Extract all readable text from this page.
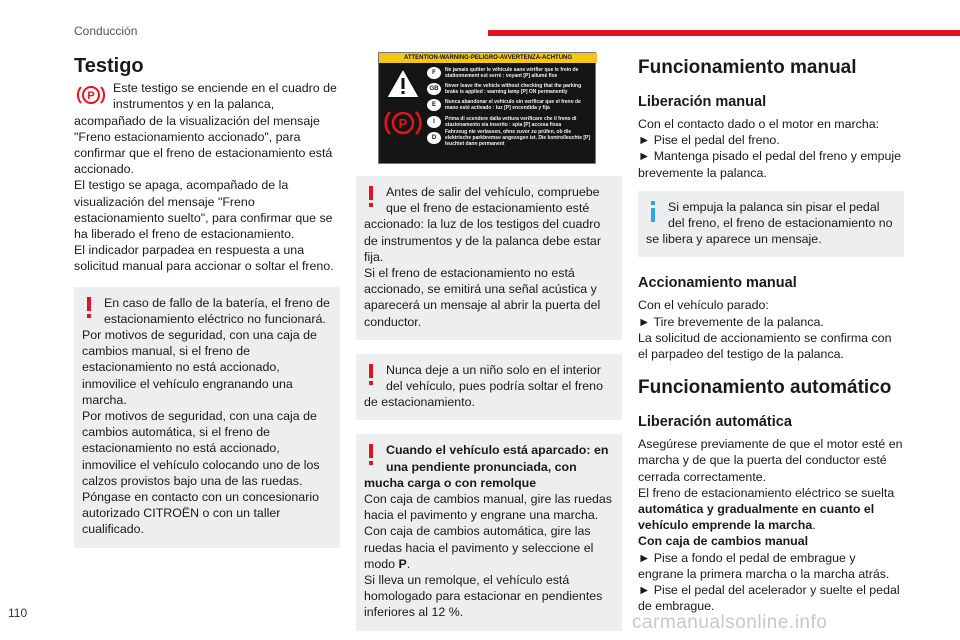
Conducción
Testigo
P

Este testigo se enciende en el cuadro de instrumentos y en la palanca, acompañado de la visualización del mensaje "Freno estacionamiento accionado", para confirmar que el freno de estacionamiento está accionado.

El testigo se apaga, acompañado de la visualización del mensaje "Freno estacionamiento suelto", para confirmar que se ha liberado el freno de estacionamiento.

El indicador parpadea en respuesta a una solicitud manual para accionar o soltar el freno.

En caso de fallo de la batería, el freno de estacionamiento eléctrico no funcionará.

Por motivos de seguridad, con una caja de cambios manual, si el freno de estacionamiento no está accionado, inmovilice el vehículo engranando una marcha.

Por motivos de seguridad, con una caja de cambios automática, si el freno de estacionamiento no está accionado, inmovilice el vehículo colocando uno de los calzos provistos bajo una de las ruedas.

Póngase en contacto con un concesionario autorizado CITROËN o con un taller cualificado.

ATTENTION-WARNING-PELIGRO-AVVERTENZA-ACHTUNG
P
F	Ne jamais quitter le véhicule sans vérifier que le frein de stationnement est serré : voyant [P] allumé fixe
GB	Never leave the vehicle without checking that the parking brake is applied : warning lamp [P] ON permanently
E	Nunca abandonar el vehículo sin verificar que el freno de mano esté activado : luz [P] encendida y fija
I	Prima di scendere dalla vettura verificare che il freno di stazionamento sia inserito : spia [P] accesa fissa
D
Fahrzeug nie verlassen, ohne zuvor zu prüfen, ob die elektrische parkbremse angezogen ist. Die kontrolleuchte [P] leuchtet dann permanent

Antes de salir del vehículo, compruebe que el freno de estacionamiento esté accionado: la luz de los testigos del cuadro de instrumentos y de la palanca debe estar fija.

Si el freno de estacionamiento no está accionado, se emitirá una señal acústica y aparecerá un mensaje al abrir la puerta del conductor.

Nunca deje a un niño solo en el interior del vehículo, pues podría soltar el freno de estacionamiento.

Cuando el vehículo está aparcado: en una pendiente pronunciada, con mucha carga o con remolque

Con caja de cambios manual, gire las ruedas hacia el pavimento y engrane una marcha.

Con caja de cambios automática, gire las ruedas hacia el pavimento y seleccione el modo P.

Si lleva un remolque, el vehículo está homologado para estacionar en pendientes inferiores al 12 %.

Funcionamiento manual
Liberación manual

Con el contacto dado o el motor en marcha:

► Pise el pedal del freno.

► Mantenga pisado el pedal del freno y empuje brevemente la palanca.

Si empuja la palanca sin pisar el pedal del freno, el freno de estacionamiento no se libera y aparece un mensaje.

Accionamiento manual

Con el vehículo parado:

► Tire brevemente de la palanca.

La solicitud de accionamiento se confirma con el parpadeo del testigo de la palanca.

Funcionamiento automático
Liberación automática

Asegúrese previamente de que el motor esté en marcha y de que la puerta del conductor esté cerrada correctamente.

El freno de estacionamiento eléctrico se suelta automática y gradualmente en cuanto el vehículo emprende la marcha.

Con caja de cambios manual

► Pise a fondo el pedal de embrague y engrane la primera marcha o la marcha atrás.

► Pise el pedal del acelerador y suelte el pedal de embrague.

110	carmanualsonline.info
